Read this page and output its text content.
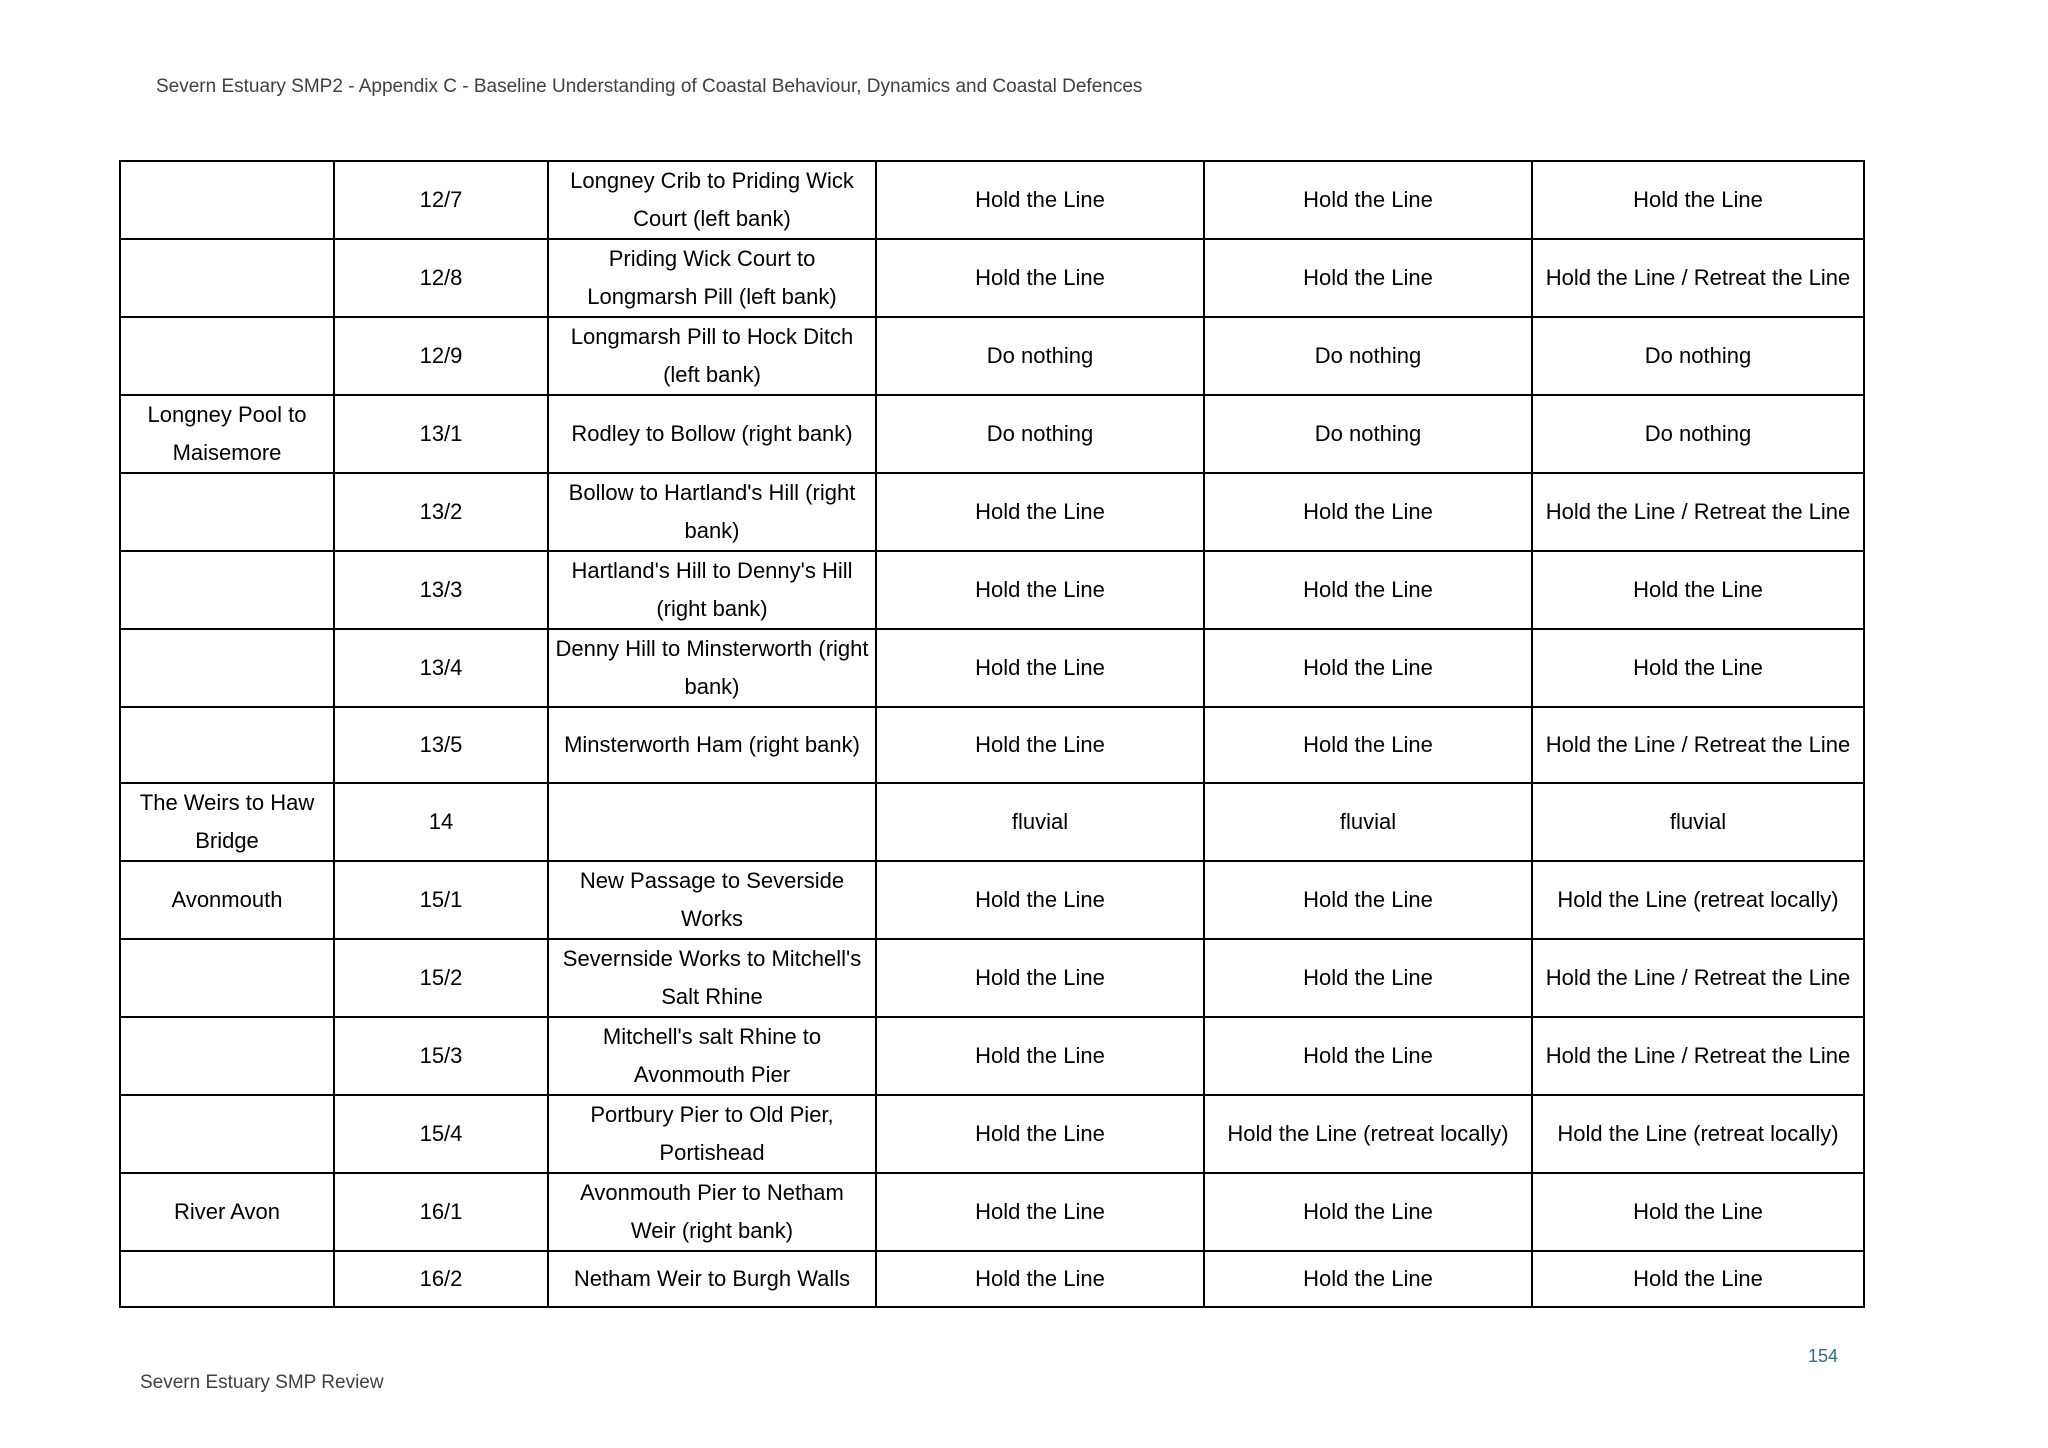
Severn Estuary SMP2 - Appendix C - Baseline Understanding of Coastal Behaviour, Dynamics and Coastal Defences
	12/7	Longney Crib to Priding Wick Court (left bank)	Hold the Line	Hold the Line	Hold the Line
	12/8	Priding Wick Court to Longmarsh Pill (left bank)	Hold the Line	Hold the Line	Hold the Line / Retreat the Line
	12/9	Longmarsh Pill to Hock Ditch (left bank)	Do nothing	Do nothing	Do nothing
Longney Pool to Maisemore	13/1	Rodley to Bollow (right bank)	Do nothing	Do nothing	Do nothing
	13/2	Bollow to Hartland's Hill (right bank)	Hold the Line	Hold the Line	Hold the Line / Retreat the Line
	13/3	Hartland's Hill to Denny's Hill (right bank)	Hold the Line	Hold the Line	Hold the Line
	13/4	Denny Hill to Minsterworth (right bank)	Hold the Line	Hold the Line	Hold the Line
	13/5	Minsterworth Ham (right bank)	Hold the Line	Hold the Line	Hold the Line / Retreat the Line
The Weirs to Haw Bridge	14		fluvial	fluvial	fluvial
Avonmouth	15/1	New Passage to Severside Works	Hold the Line	Hold the Line	Hold the Line (retreat locally)
	15/2	Severnside Works to Mitchell's Salt Rhine	Hold the Line	Hold the Line	Hold the Line / Retreat the Line
	15/3	Mitchell's salt Rhine to Avonmouth Pier	Hold the Line	Hold the Line	Hold the Line / Retreat the Line
	15/4	Portbury Pier to Old Pier, Portishead	Hold the Line	Hold the Line (retreat locally)	Hold the Line (retreat locally)
River Avon	16/1	Avonmouth Pier to Netham Weir (right bank)	Hold the Line	Hold the Line	Hold the Line
	16/2	Netham Weir to Burgh Walls	Hold the Line	Hold the Line	Hold the Line
154
Severn Estuary SMP Review
